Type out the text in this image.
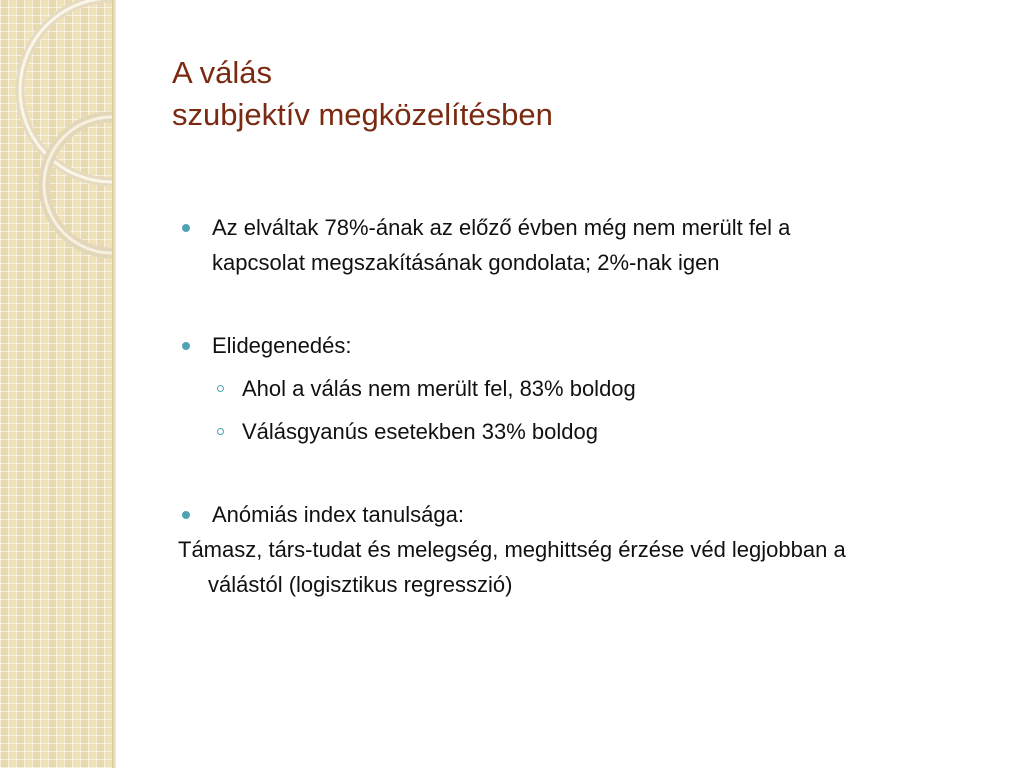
A válás
szubjektív megközelítésben
Az elváltak 78%-ának az előző évben még nem merült fel a
kapcsolat megszakításának gondolata; 2%-nak igen
Elidegenedés:
Ahol a válás nem merült fel, 83% boldog
Válásgyanús esetekben 33% boldog
Anómiás index tanulsága:
Támasz, társ-tudat és melegség, meghittség érzése véd legjobban a
válástól (logisztikus regresszió)
